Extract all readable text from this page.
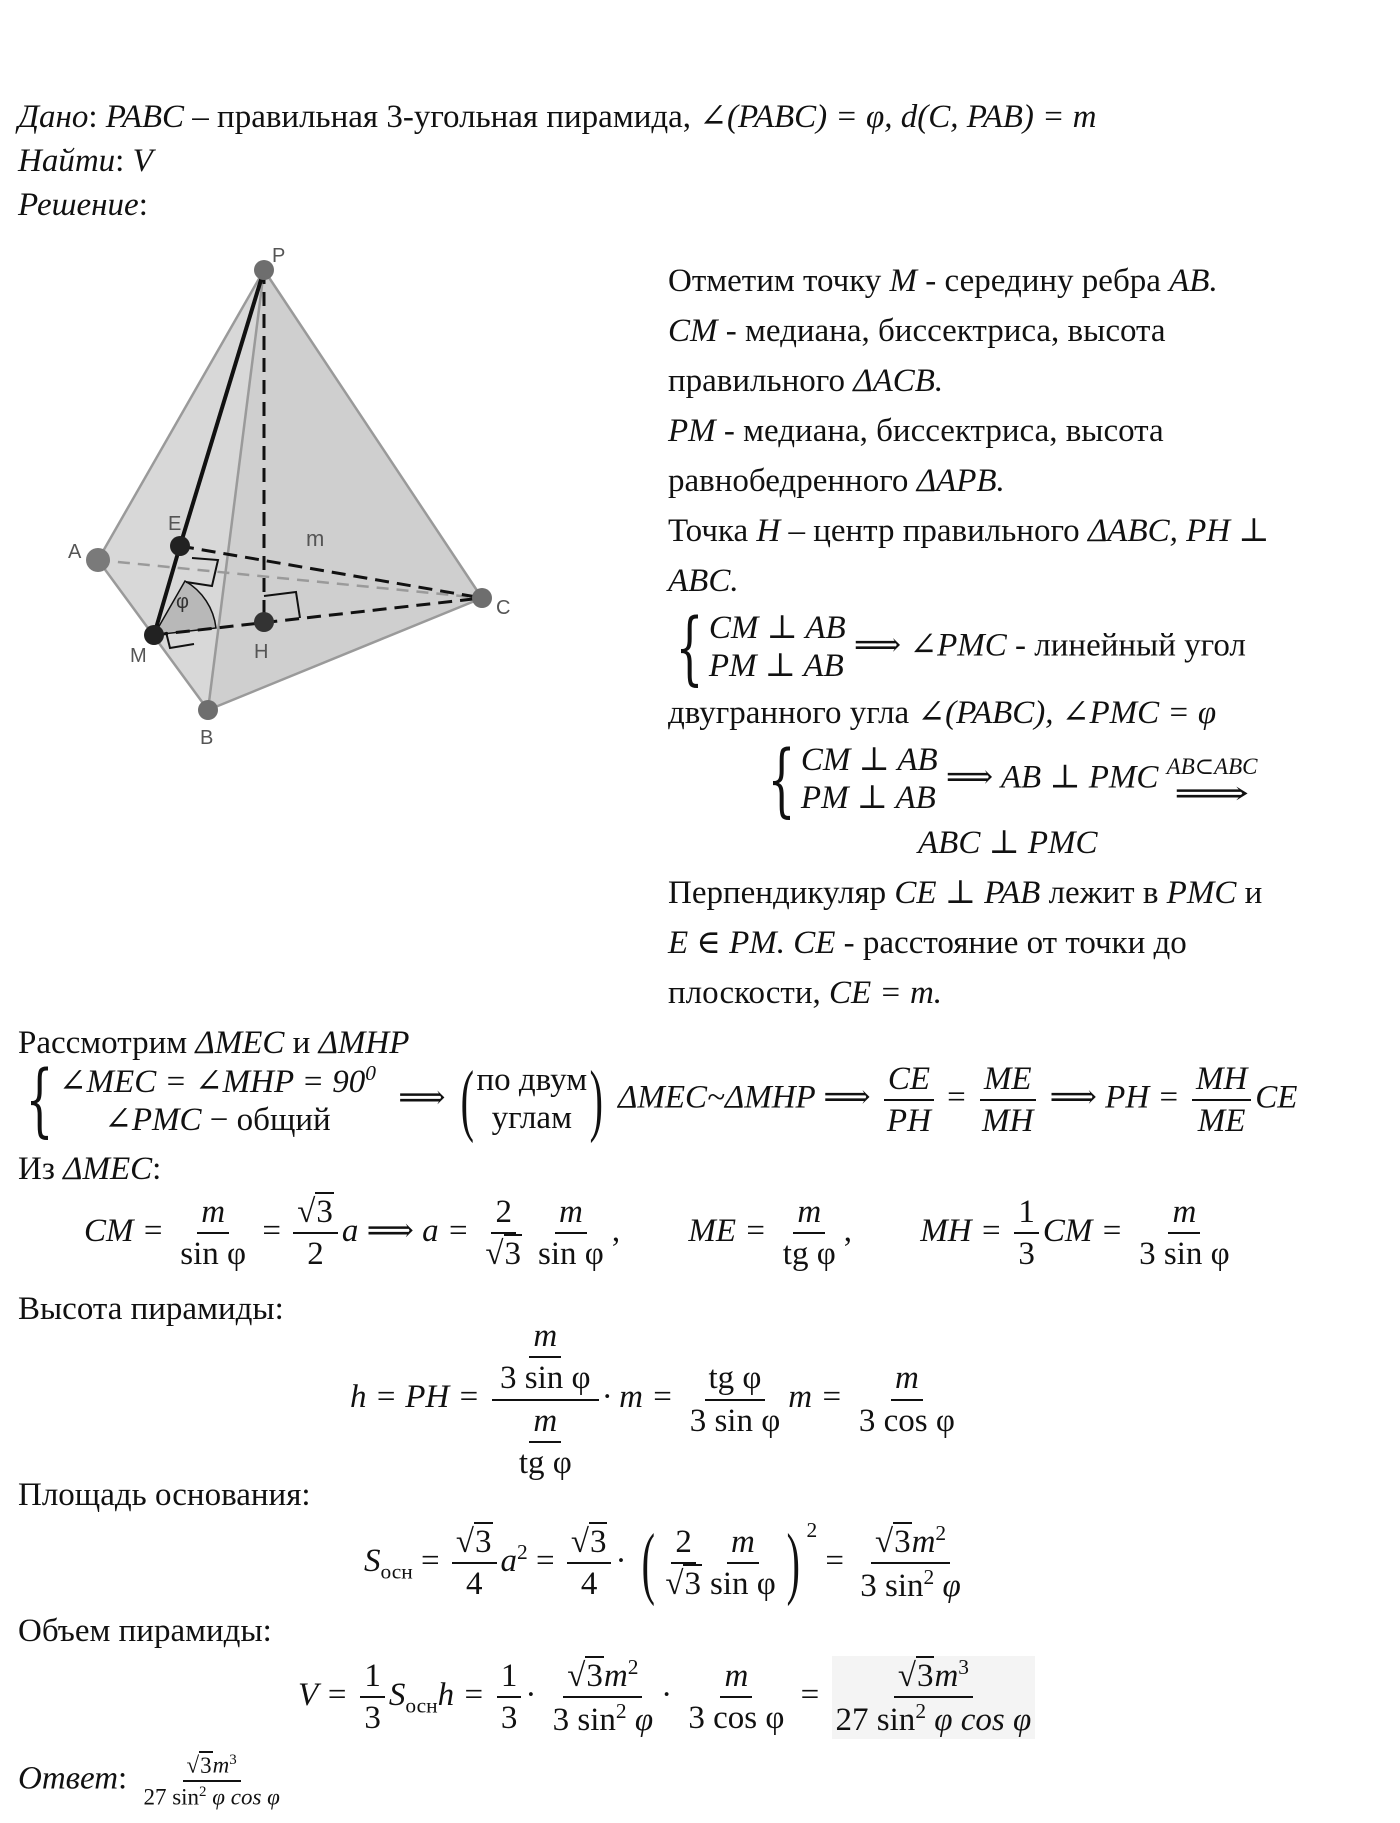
Дано: PABC – правильная 3-угольная пирамида, ∠(PABC) = φ, d(C, PAB) = m
Найти: V
Решение:
φ
m
P
A
B
C
E
M	H
Отметим точку M - середину ребра AB.
CM - медиана, биссектриса, высота
правильного ΔACB.
PM - медиана, биссектриса, высота
равнобедренного ΔAPB.
Точка H – центр правильного ΔABC, PH ⊥
ABC.
{ CM ⊥ AB
PM ⊥ AB
⟹ ∠PMC - линейный угол
двугранного угла ∠(PABC), ∠PMC = φ
{ CM ⊥ AB
PM ⊥ AB
⟹ AB ⊥ PMC AB⊂ABC
⟹
ABC ⊥ PMC
Перпендикуляр CE ⊥ PAB лежит в PMC и
E ∈ PM. CE - расстояние от точки до
плоскости, CE = m.
Рассмотрим ΔMEC и ΔMHP
{ ∠MEC = ∠MHP = $90^0$
∠PMC − общий
⟹ ( по двум
углам ) ΔMEC~ΔMHP ⟹ $\frac{CE}{PH} = \frac{ME}{MH}$ ⟹ PH = $\frac{MH}{ME}$ CE
Из ΔMEC:
CM = $\frac{m}{\text{sin φ}} = \frac{√3}{2}$ a ⟹ $a = \frac{2}{√3} \frac{m}{\text{sin φ}}$ , ME = $\frac{m}{\text{tg φ}}$ , MH = $\frac{1}{3}$ CM = $\frac{m}{\text{3 sin φ}}$
Высота пирамиды:
h = PH = $\frac{\frac{m}{\text{3 sin φ}}}{\frac{m}{\text{tg φ}}} \cdot m = \frac{\text{tg φ}}{\text{3 sin φ}}$ $m = \frac{m}{\text{3 cos φ}}$
Площадь основания:
$S_{осн} = \frac{√3}{4} a^2 = \frac{√3}{4}$ · ( $\frac{2}{√3} \frac{m}{\text{sin φ}}$ ) $^2 = \frac{√3m^2}{3 \sin^2 \varphi}$
Объем пирамиды:
$V = \frac{1}{3} S_{осн}h = \frac{1}{3} \cdot \frac{√3m^2}{3 \sin^2 \varphi} \cdot \frac{m}{\text{3 cos φ}} = \frac{√3m^3}{27 \sin^2 \varphi \cos \varphi}$
Ответ: $\frac{√3m^3}{27 \sin^2 \varphi \cos \varphi}$
